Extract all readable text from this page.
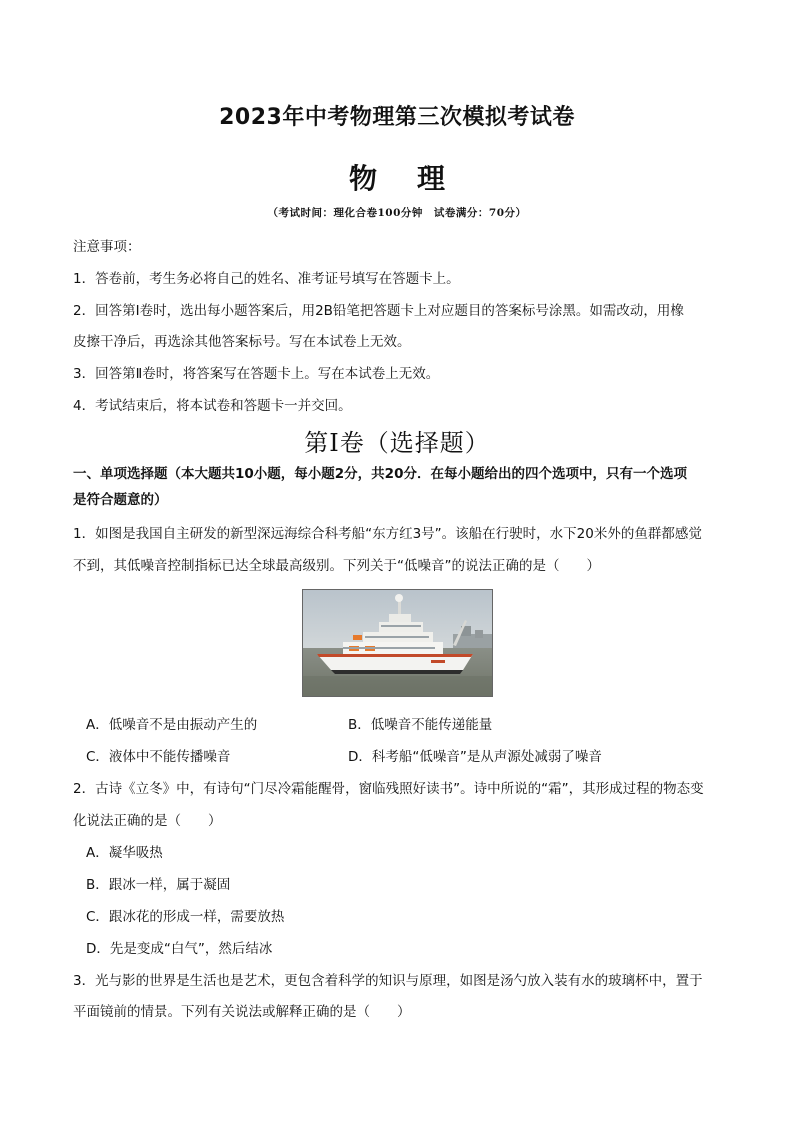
2023年中考物理第三次模拟考试卷
物 理
（考试时间：理化合卷100分钟　试卷满分：70分）
注意事项：
1．答卷前，考生务必将自己的姓名、准考证号填写在答题卡上。
2．回答第Ⅰ卷时，选出每小题答案后，用2B铅笔把答题卡上对应题目的答案标号涂黑。如需改动，用橡
皮擦干净后，再选涂其他答案标号。写在本试卷上无效。
3．回答第Ⅱ卷时，将答案写在答题卡上。写在本试卷上无效。
4．考试结束后，将本试卷和答题卡一并交回。
第Ⅰ卷（选择题）
一、单项选择题（本大题共10小题，每小题2分，共20分．在每小题给出的四个选项中，只有一个选项
是符合题意的）
1．如图是我国自主研发的新型深远海综合科考船“东方红3号”。该船在行驶时，水下20米外的鱼群都感觉
不到，其低噪音控制指标已达全球最高级别。下列关于“低噪音”的说法正确的是（　　）
A．低噪音不是由振动产生的	B．低噪音不能传递能量
C．液体中不能传播噪音	D．科考船“低噪音”是从声源处减弱了噪音
2．古诗《立冬》中，有诗句“门尽冷霜能醒骨，窗临残照好读书”。诗中所说的“霜”，其形成过程的物态变
化说法正确的是（　　）
A．凝华吸热
B．跟冰一样，属于凝固
C．跟冰花的形成一样，需要放热
D．先是变成“白气”，然后结冰
3．光与影的世界是生活也是艺术，更包含着科学的知识与原理，如图是汤勺放入装有水的玻璃杯中，置于
平面镜前的情景。下列有关说法或解释正确的是（　　）
